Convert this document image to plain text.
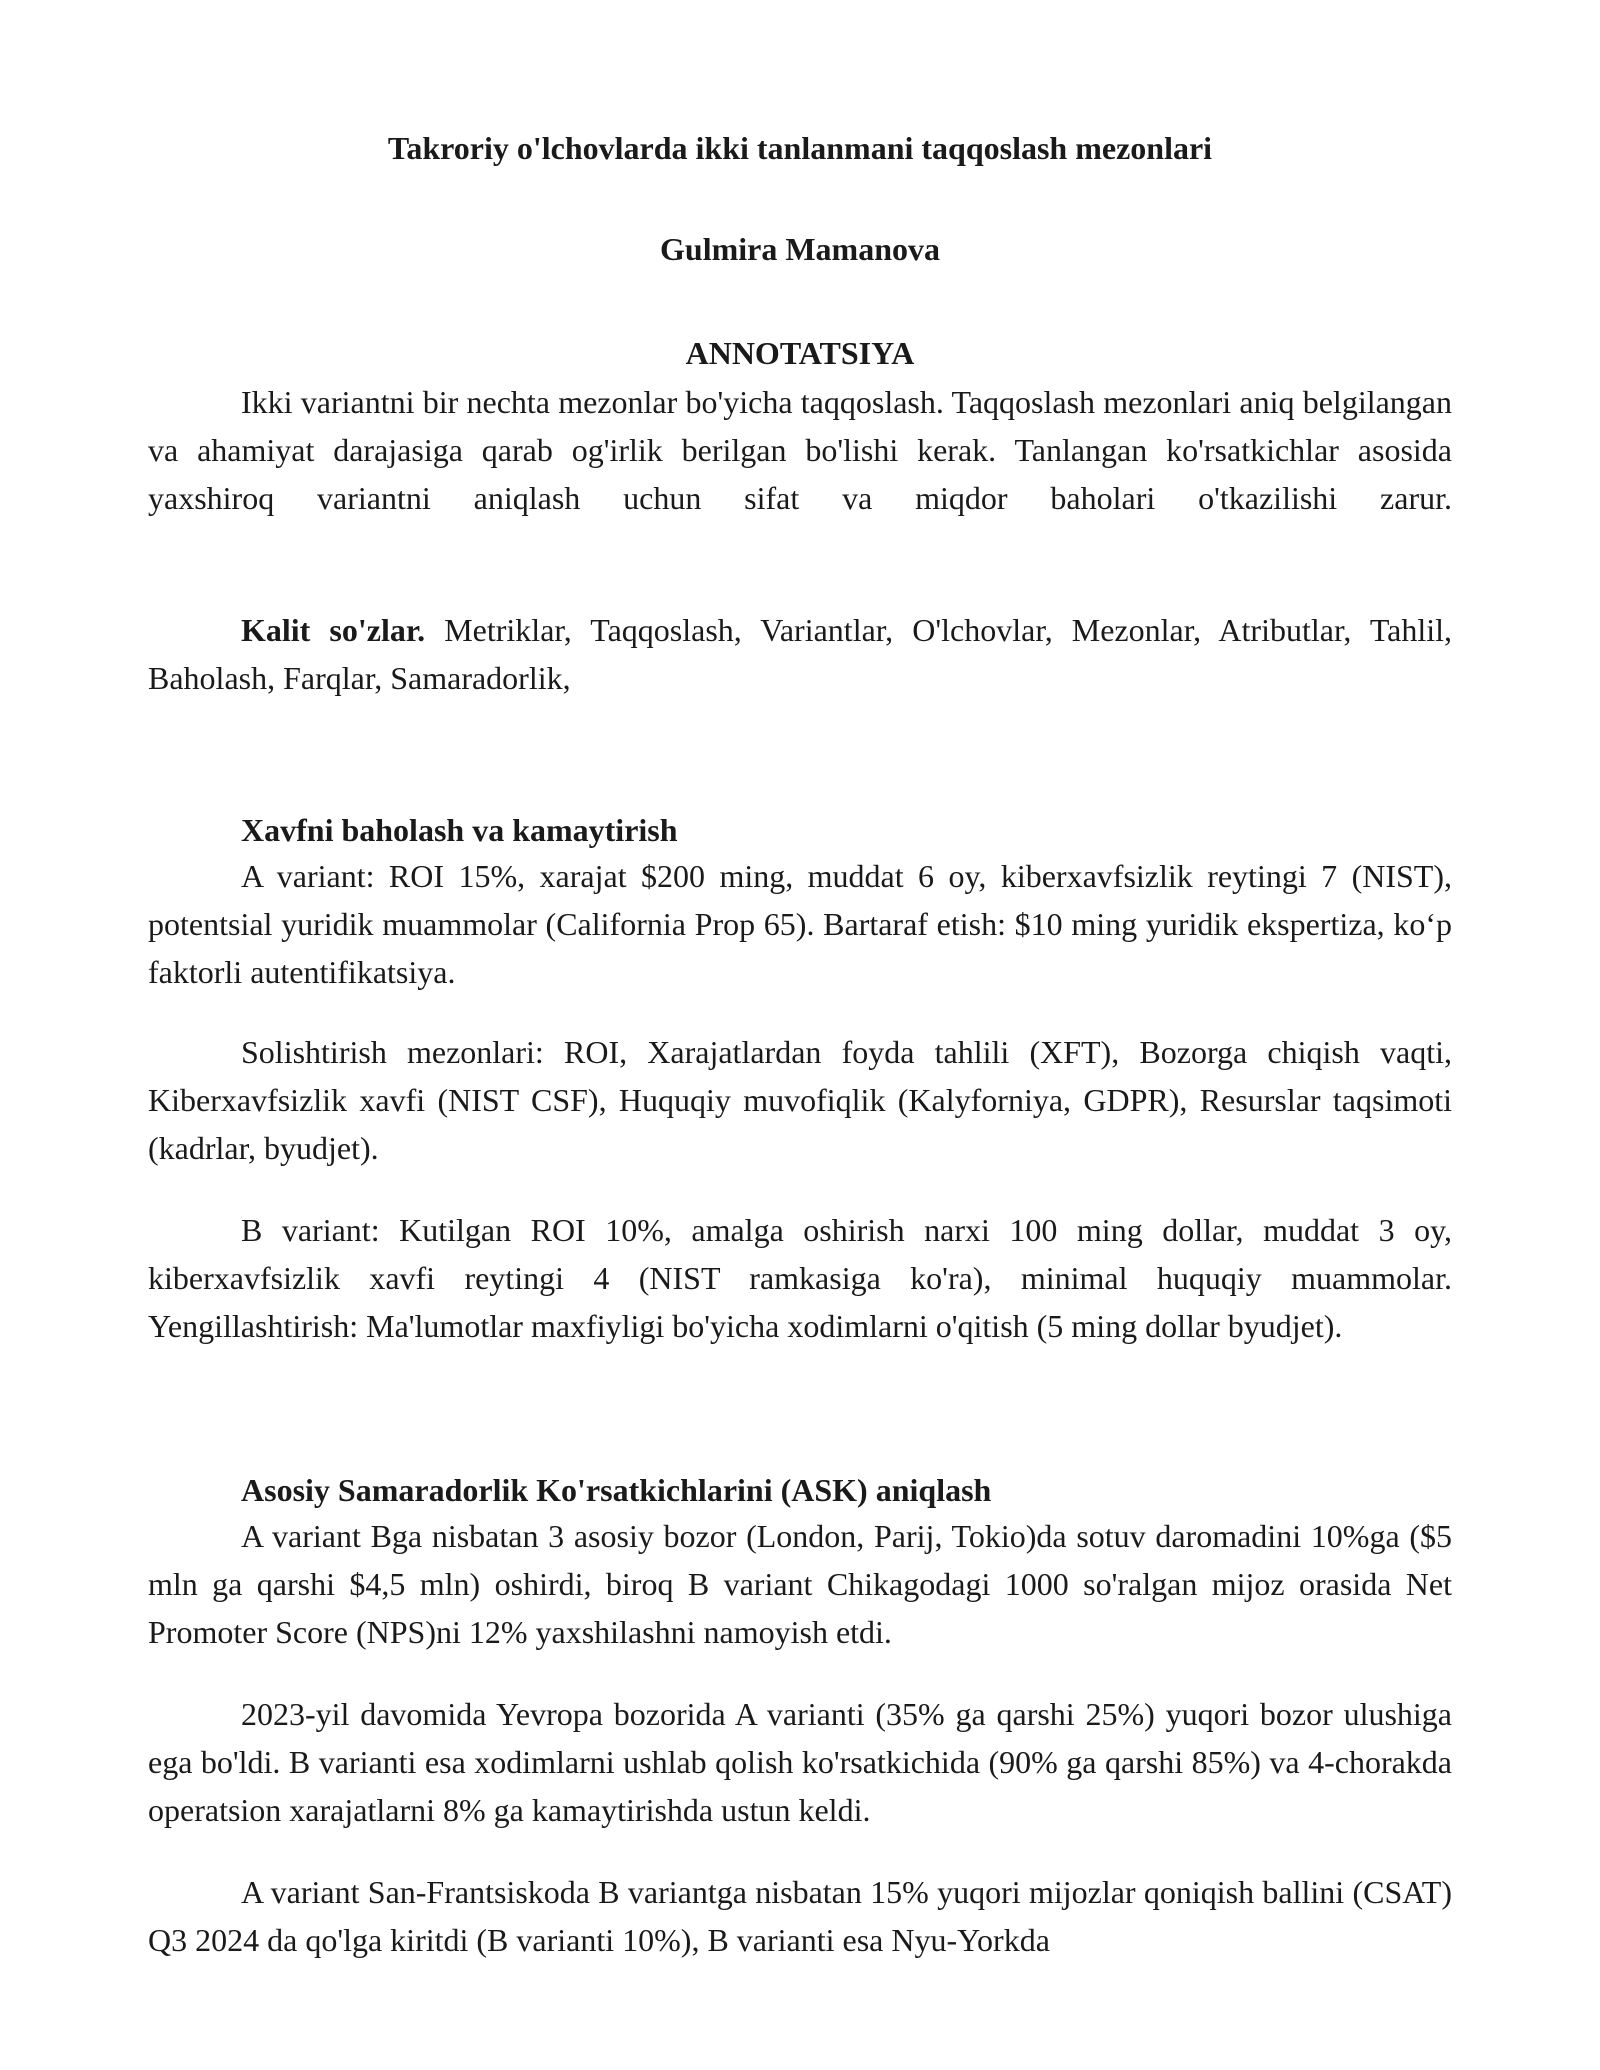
Takroriy o'lchovlarda ikki tanlanmani taqqoslash mezonlari

Gulmira Mamanova

ANNOTATSIYA

Ikki variantni bir nechta mezonlar bo'yicha taqqoslash. Taqqoslash mezonlari aniq belgilangan va ahamiyat darajasiga qarab og'irlik berilgan bo'lishi kerak. Tanlangan ko'rsatkichlar asosida yaxshiroq variantni aniqlash uchun sifat va miqdor baholari o'tkazilishi zarur.

Kalit so'zlar. Metriklar, Taqqoslash, Variantlar, O'lchovlar, Mezonlar, Atributlar, Tahlil, Baholash, Farqlar, Samaradorlik,

Xavfni baholash va kamaytirish

A variant: ROI 15%, xarajat $200 ming, muddat 6 oy, kiberxavfsizlik reytingi 7 (NIST), potentsial yuridik muammolar (California Prop 65). Bartaraf etish: $10 ming yuridik ekspertiza, ko‘p faktorli autentifikatsiya.

Solishtirish mezonlari: ROI, Xarajatlardan foyda tahlili (XFT), Bozorga chiqish vaqti, Kiberxavfsizlik xavfi (NIST CSF), Huquqiy muvofiqlik (Kalyforniya, GDPR), Resurslar taqsimoti (kadrlar, byudjet).

B variant: Kutilgan ROI 10%, amalga oshirish narxi 100 ming dollar, muddat 3 oy, kiberxavfsizlik xavfi reytingi 4 (NIST ramkasiga ko'ra), minimal huquqiy muammolar. Yengillashtirish: Ma'lumotlar maxfiyligi bo'yicha xodimlarni o'qitish (5 ming dollar byudjet).

Asosiy Samaradorlik Ko'rsatkichlarini (ASK) aniqlash

A variant Bga nisbatan 3 asosiy bozor (London, Parij, Tokio)da sotuv daromadini 10%ga ($5 mln ga qarshi $4,5 mln) oshirdi, biroq B variant Chikagodagi 1000 so'ralgan mijoz orasida Net Promoter Score (NPS)ni 12% yaxshilashni namoyish etdi.

2023-yil davomida Yevropa bozorida A varianti (35% ga qarshi 25%) yuqori bozor ulushiga ega bo'ldi. B varianti esa xodimlarni ushlab qolish ko'rsatkichida (90% ga qarshi 85%) va 4-chorakda operatsion xarajatlarni 8% ga kamaytirishda ustun keldi.

A variant San-Frantsiskoda B variantga nisbatan 15% yuqori mijozlar qoniqish ballini (CSAT) Q3 2024 da qo'lga kiritdi (B varianti 10%), B varianti esa Nyu-Yorkda
